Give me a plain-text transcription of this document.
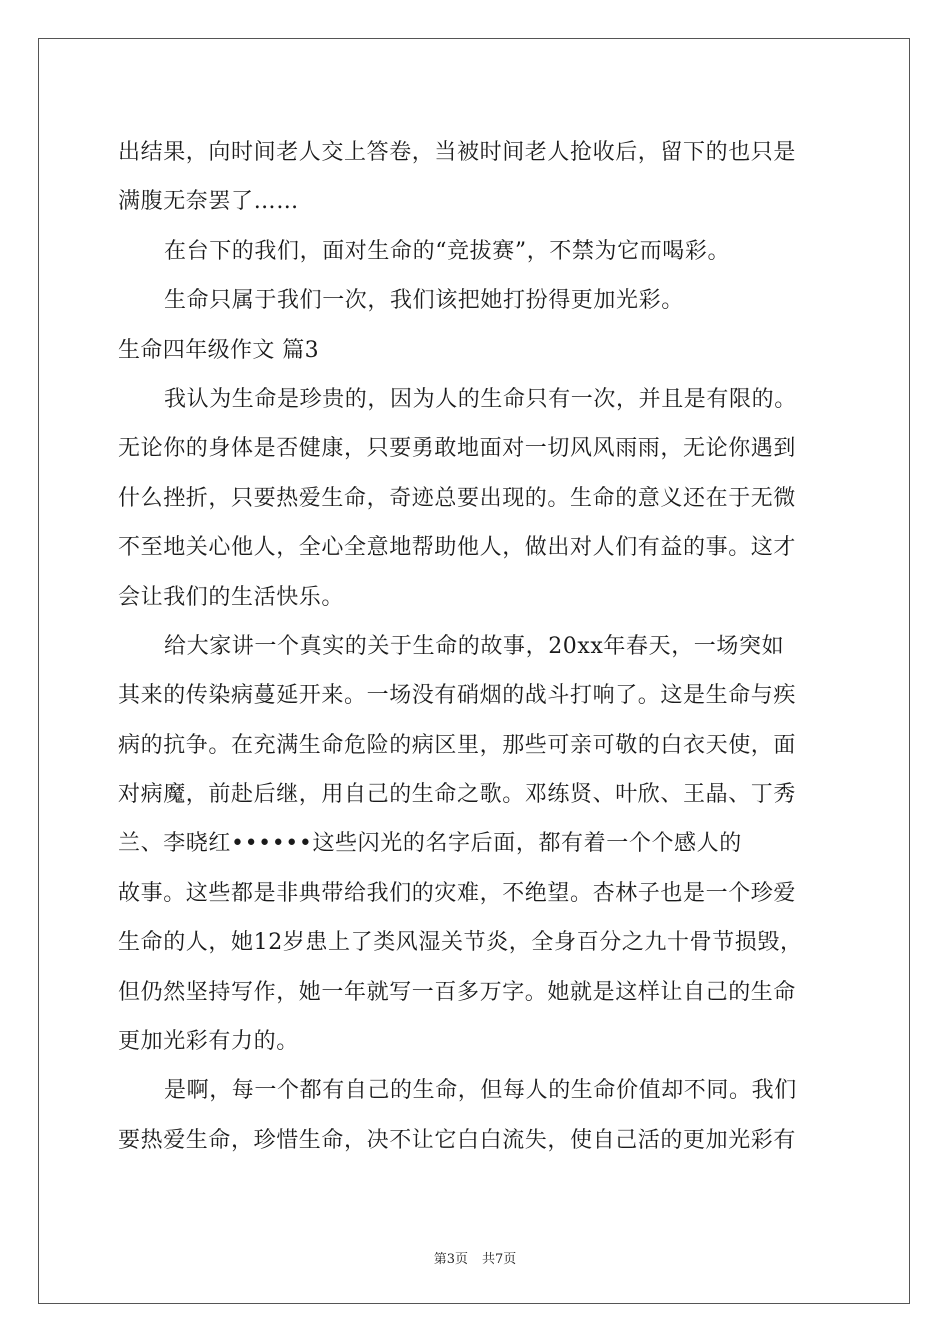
出结果，向时间老人交上答卷，当被时间老人抢收后，留下的也只是
满腹无奈罢了……
在台下的我们，面对生命的“竞拔赛”，不禁为它而喝彩。
生命只属于我们一次，我们该把她打扮得更加光彩。
生命四年级作文 篇3
我认为生命是珍贵的，因为人的生命只有一次，并且是有限的。
无论你的身体是否健康，只要勇敢地面对一切风风雨雨，无论你遇到
什么挫折，只要热爱生命，奇迹总要出现的。生命的意义还在于无微
不至地关心他人，全心全意地帮助他人，做出对人们有益的事。这才
会让我们的生活快乐。
给大家讲一个真实的关于生命的故事，20xx年春天，一场突如
其来的传染病蔓延开来。一场没有硝烟的战斗打响了。这是生命与疾
病的抗争。在充满生命危险的病区里，那些可亲可敬的白衣天使，面
对病魔，前赴后继，用自己的生命之歌。邓练贤、叶欣、王晶、丁秀
兰、李晓红••••••这些闪光的名字后面，都有着一个个感人的
故事。这些都是非典带给我们的灾难，不绝望。杏林子也是一个珍爱
生命的人，她12岁患上了类风湿关节炎，全身百分之九十骨节损毁，
但仍然坚持写作，她一年就写一百多万字。她就是这样让自己的生命
更加光彩有力的。
是啊，每一个都有自己的生命，但每人的生命价值却不同。我们
要热爱生命，珍惜生命，决不让它白白流失，使自己活的更加光彩有
第3页 共7页
